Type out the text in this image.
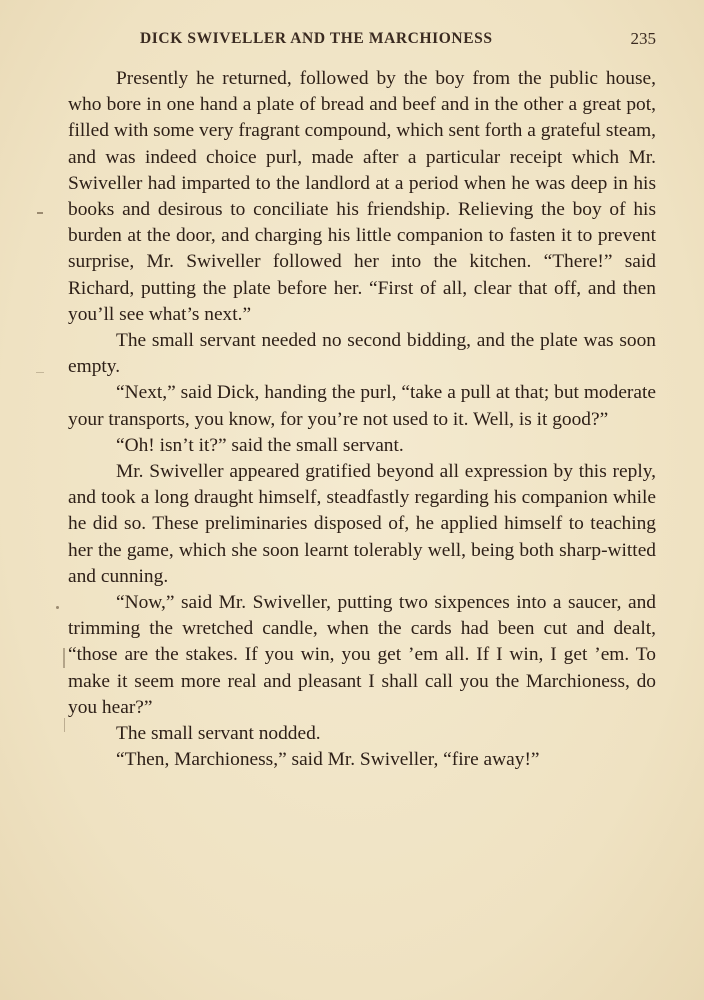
DICK SWIVELLER AND THE MARCHIONESS	235

Presently he returned, followed by the boy from the public house, who bore in one hand a plate of bread and beef and in the other a great pot, filled with some very fragrant compound, which sent forth a grateful steam, and was indeed choice purl, made after a particular receipt which Mr. Swiveller had imparted to the landlord at a period when he was deep in his books and desirous to conciliate his friendship. Relieving the boy of his burden at the door, and charging his little companion to fasten it to prevent surprise, Mr. Swiveller followed her into the kitchen. “There!” said Richard, putting the plate before her. “First of all, clear that off, and then you’ll see what’s next.”

The small servant needed no second bidding, and the plate was soon empty.

“Next,” said Dick, handing the purl, “take a pull at that; but moderate your transports, you know, for you’re not used to it. Well, is it good?”

“Oh! isn’t it?” said the small servant.

Mr. Swiveller appeared gratified beyond all expression by this reply, and took a long draught himself, steadfastly regarding his companion while he did so. These preliminaries disposed of, he applied himself to teaching her the game, which she soon learnt tolerably well, being both sharp-witted and cunning.

“Now,” said Mr. Swiveller, putting two sixpences into a saucer, and trimming the wretched candle, when the cards had been cut and dealt, “those are the stakes. If you win, you get ’em all. If I win, I get ’em. To make it seem more real and pleasant I shall call you the Marchioness, do you hear?”

The small servant nodded.

“Then, Marchioness,” said Mr. Swiveller, “fire away!”
